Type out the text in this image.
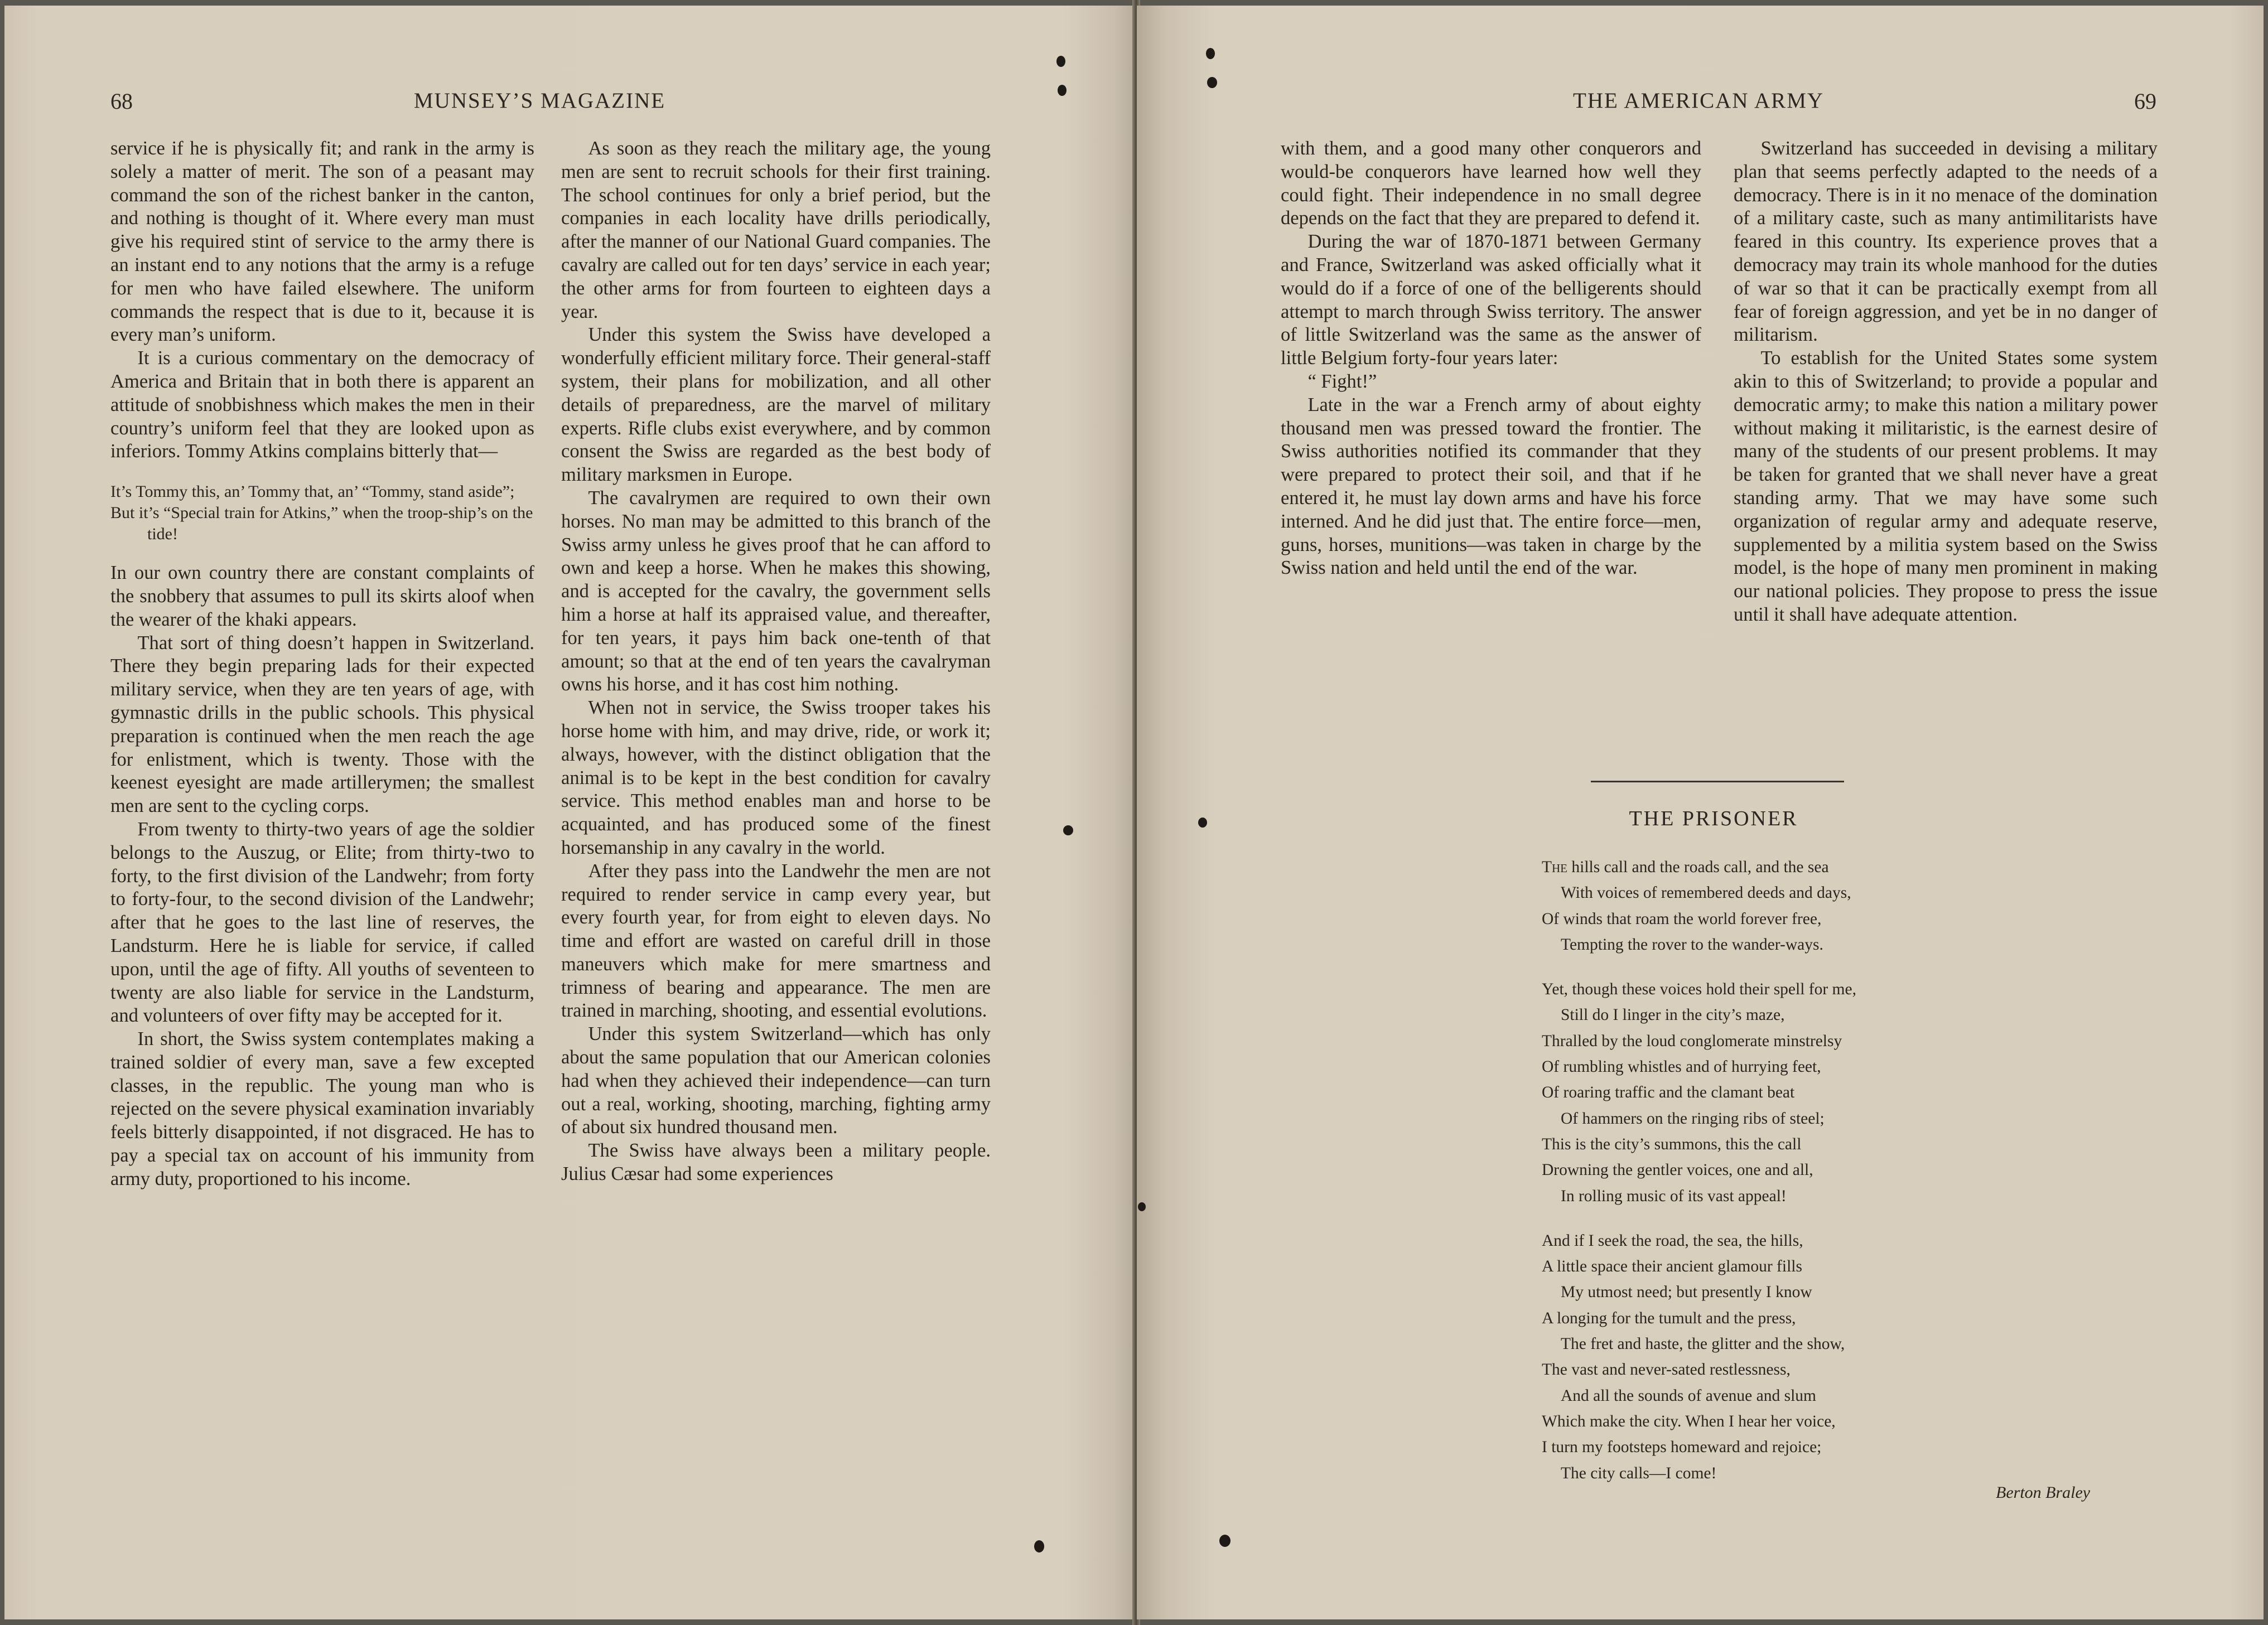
68	MUNSEY’S MAGAZINE

service if he is physically fit; and rank in the army is solely a matter of merit. The son of a peasant may command the son of the richest banker in the canton, and nothing is thought of it. Where every man must give his required stint of service to the army there is an instant end to any notions that the army is a refuge for men who have failed elsewhere. The uniform commands the respect that is due to it, because it is every man’s uniform.

It is a curious commentary on the democracy of America and Britain that in both there is apparent an attitude of snobbishness which makes the men in their country’s uniform feel that they are looked upon as inferiors. Tommy Atkins complains bitterly that—

It’s Tommy this, an’ Tommy that, an’ “Tommy, stand aside”;
But it’s “Special train for Atkins,” when the troop-ship’s on the tide!

In our own country there are constant complaints of the snobbery that assumes to pull its skirts aloof when the wearer of the khaki appears.

That sort of thing doesn’t happen in Switzerland. There they begin preparing lads for their expected military service, when they are ten years of age, with gymnastic drills in the public schools. This physical preparation is continued when the men reach the age for enlistment, which is twenty. Those with the keenest eyesight are made artillerymen; the smallest men are sent to the cycling corps.

From twenty to thirty-two years of age the soldier belongs to the Auszug, or Elite; from thirty-two to forty, to the first division of the Landwehr; from forty to forty-four, to the second division of the Landwehr; after that he goes to the last line of reserves, the Landsturm. Here he is liable for service, if called upon, until the age of fifty. All youths of seventeen to twenty are also liable for service in the Landsturm, and volunteers of over fifty may be accepted for it.

In short, the Swiss system contemplates making a trained soldier of every man, save a few excepted classes, in the republic. The young man who is rejected on the severe physical examination invariably feels bitterly disappointed, if not disgraced. He has to pay a special tax on account of his immunity from army duty, proportioned to his income.

As soon as they reach the military age, the young men are sent to recruit schools for their first training. The school continues for only a brief period, but the companies in each locality have drills periodically, after the manner of our National Guard companies. The cavalry are called out for ten days’ service in each year; the other arms for from fourteen to eighteen days a year.

Under this system the Swiss have developed a wonderfully efficient military force. Their general-staff system, their plans for mobilization, and all other details of preparedness, are the marvel of military experts. Rifle clubs exist everywhere, and by common consent the Swiss are regarded as the best body of military marksmen in Europe.

The cavalrymen are required to own their own horses. No man may be admitted to this branch of the Swiss army unless he gives proof that he can afford to own and keep a horse. When he makes this showing, and is accepted for the cavalry, the government sells him a horse at half its appraised value, and thereafter, for ten years, it pays him back one-tenth of that amount; so that at the end of ten years the cavalryman owns his horse, and it has cost him nothing.

When not in service, the Swiss trooper takes his horse home with him, and may drive, ride, or work it; always, however, with the distinct obligation that the animal is to be kept in the best condition for cavalry service. This method enables man and horse to be acquainted, and has produced some of the finest horsemanship in any cavalry in the world.

After they pass into the Landwehr the men are not required to render service in camp every year, but every fourth year, for from eight to eleven days. No time and effort are wasted on careful drill in those maneuvers which make for mere smartness and trimness of bearing and appearance. The men are trained in marching, shooting, and essential evolutions.

Under this system Switzerland—which has only about the same population that our American colonies had when they achieved their independence—can turn out a real, working, shooting, marching, fighting army of about six hundred thousand men.

The Swiss have always been a military people. Julius Cæsar had some experiences

THE AMERICAN ARMY	69

with them, and a good many other conquerors and would-be conquerors have learned how well they could fight. Their independence in no small degree depends on the fact that they are prepared to defend it.

During the war of 1870-1871 between Germany and France, Switzerland was asked officially what it would do if a force of one of the belligerents should attempt to march through Swiss territory. The answer of little Switzerland was the same as the answer of little Belgium forty-four years later:

“ Fight!”

Late in the war a French army of about eighty thousand men was pressed toward the frontier. The Swiss authorities notified its commander that they were prepared to protect their soil, and that if he entered it, he must lay down arms and have his force interned. And he did just that. The entire force—men, guns, horses, munitions—was taken in charge by the Swiss nation and held until the end of the war.

Switzerland has succeeded in devising a military plan that seems perfectly adapted to the needs of a democracy. There is in it no menace of the domination of a military caste, such as many antimilitarists have feared in this country. Its experience proves that a democracy may train its whole manhood for the duties of war so that it can be practically exempt from all fear of foreign aggression, and yet be in no danger of militarism.

To establish for the United States some system akin to this of Switzerland; to provide a popular and democratic army; to make this nation a military power without making it militaristic, is the earnest desire of many of the students of our present problems. It may be taken for granted that we shall never have a great standing army. That we may have some such organization of regular army and adequate reserve, supplemented by a militia system based on the Swiss model, is the hope of many men prominent in making our national policies. They propose to press the issue until it shall have adequate attention.

THE PRISONER
The hills call and the roads call, and the sea
With voices of remembered deeds and days,
Of winds that roam the world forever free,
Tempting the rover to the wander-ways.
Yet, though these voices hold their spell for me,
Still do I linger in the city’s maze,
Thralled by the loud conglomerate minstrelsy
Of rumbling whistles and of hurrying feet,
Of roaring traffic and the clamant beat
Of hammers on the ringing ribs of steel;
This is the city’s summons, this the call
Drowning the gentler voices, one and all,
In rolling music of its vast appeal!
And if I seek the road, the sea, the hills,
A little space their ancient glamour fills
My utmost need; but presently I know
A longing for the tumult and the press,
The fret and haste, the glitter and the show,
The vast and never-sated restlessness,
And all the sounds of avenue and slum
Which make the city. When I hear her voice,
I turn my footsteps homeward and rejoice;
The city calls—I come!
Berton Braley
